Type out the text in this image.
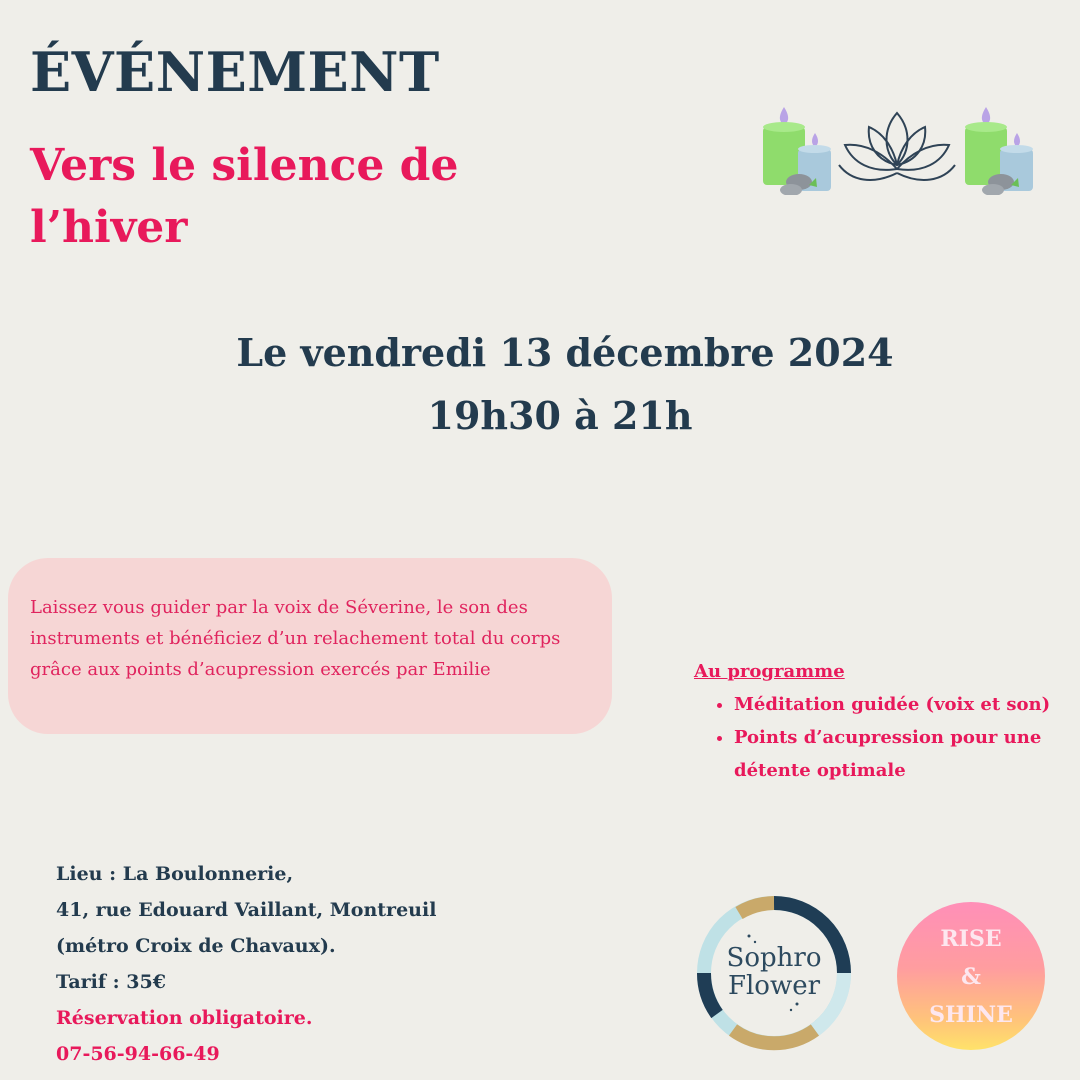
ÉVÉNEMENT
Vers le silence de l’hiver
Le vendredi 13 décembre 2024
19h30 à 21h
Laissez vous guider par la voix de Séverine, le son des instruments et bénéficiez d’un relachement total du corps grâce aux points d’acupression exercés par Emilie	Au programme
• Méditation guidée (voix et son)
• Points d’acupression pour une détente optimale
Lieu : La Boulonnerie,
41, rue Edouard Vaillant, Montreuil
(métro Croix de Chavaux).
Tarif : 35€
Réservation obligatoire.
07-56-94-66-49
Sophro
Flower
RISE
&
SHINE
